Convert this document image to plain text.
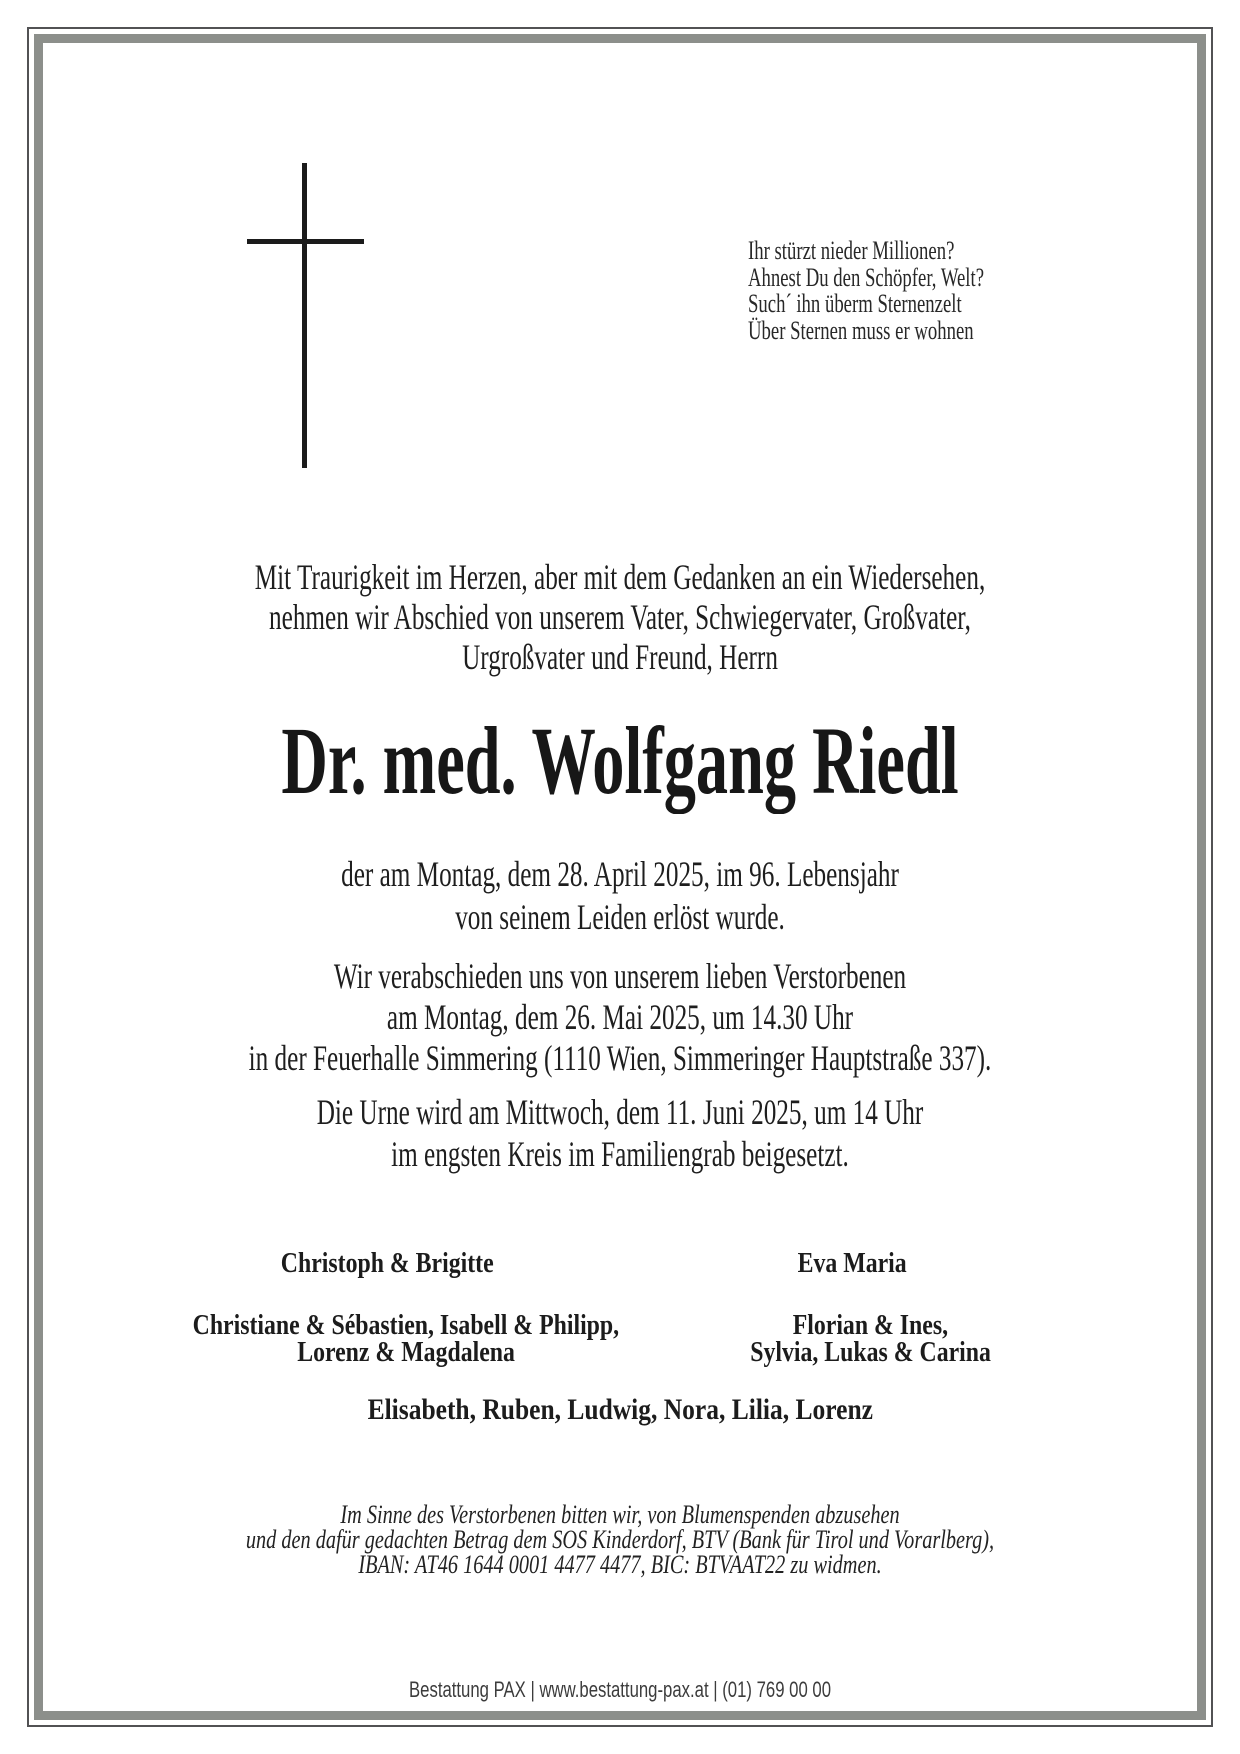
Ihr stürzt nieder Millionen?
Ahnest Du den Schöpfer, Welt?
Such´ ihn überm Sternenzelt
Über Sternen muss er wohnen
Mit Traurigkeit im Herzen, aber mit dem Gedanken an ein Wiedersehen,
nehmen wir Abschied von unserem Vater, Schwiegervater, Großvater,
Urgroßvater und Freund, Herrn
Dr. med. Wolfgang Riedl
der am Montag, dem 28. April 2025, im 96. Lebensjahr
von seinem Leiden erlöst wurde.
Wir verabschieden uns von unserem lieben Verstorbenen
am Montag, dem 26. Mai 2025, um 14.30 Uhr
in der Feuerhalle Simmering (1110 Wien, Simmeringer Hauptstraße 337).
Die Urne wird am Mittwoch, dem 11. Juni 2025, um 14 Uhr
im engsten Kreis im Familiengrab beigesetzt.
Christoph & Brigitte	Eva Maria
Christiane & Sébastien, Isabell & Philipp,
Lorenz & Magdalena
Florian & Ines,
Sylvia, Lukas & Carina
Elisabeth, Ruben, Ludwig, Nora, Lilia, Lorenz
Im Sinne des Verstorbenen bitten wir, von Blumenspenden abzusehen
und den dafür gedachten Betrag dem SOS Kinderdorf, BTV (Bank für Tirol und Vorarlberg),
IBAN: AT46 1644 0001 4477 4477, BIC: BTVAAT22 zu widmen.
Bestattung PAX | www.bestattung-pax.at | (01) 769 00 00
